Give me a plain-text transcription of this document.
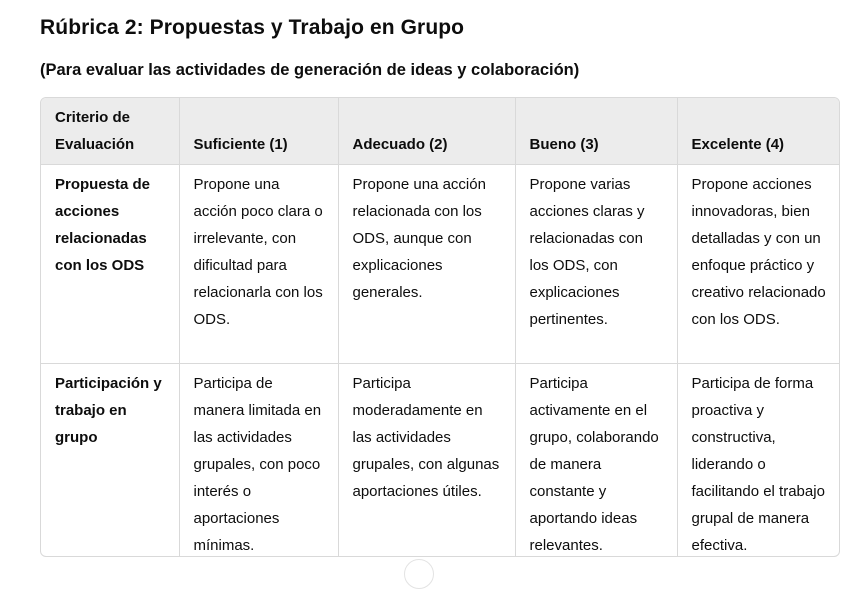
Rúbrica 2: Propuestas y Trabajo en Grupo

(Para evaluar las actividades de generación de ideas y colaboración)

Criterio de Evaluación	Suficiente (1)	Adecuado (2)	Bueno (3)	Excelente (4)
Propuesta de acciones relacionadas con los ODS	Propone una acción poco clara o irrelevante, con dificultad para relacionarla con los ODS.	Propone una acción relacionada con los ODS, aunque con explicaciones generales.	Propone varias acciones claras y relacionadas con los ODS, con explicaciones pertinentes.	Propone acciones innovadoras, bien detalladas y con un enfoque práctico y creativo relacionado con los ODS.
Participación y trabajo en grupo	Participa de manera limitada en las actividades grupales, con poco interés o aportaciones mínimas.	Participa moderadamente en las actividades grupales, con algunas aportaciones útiles.	Participa activamente en el grupo, colaborando de manera constante y aportando ideas relevantes.	Participa de forma proactiva y constructiva, liderando o facilitando el trabajo grupal de manera efectiva.
